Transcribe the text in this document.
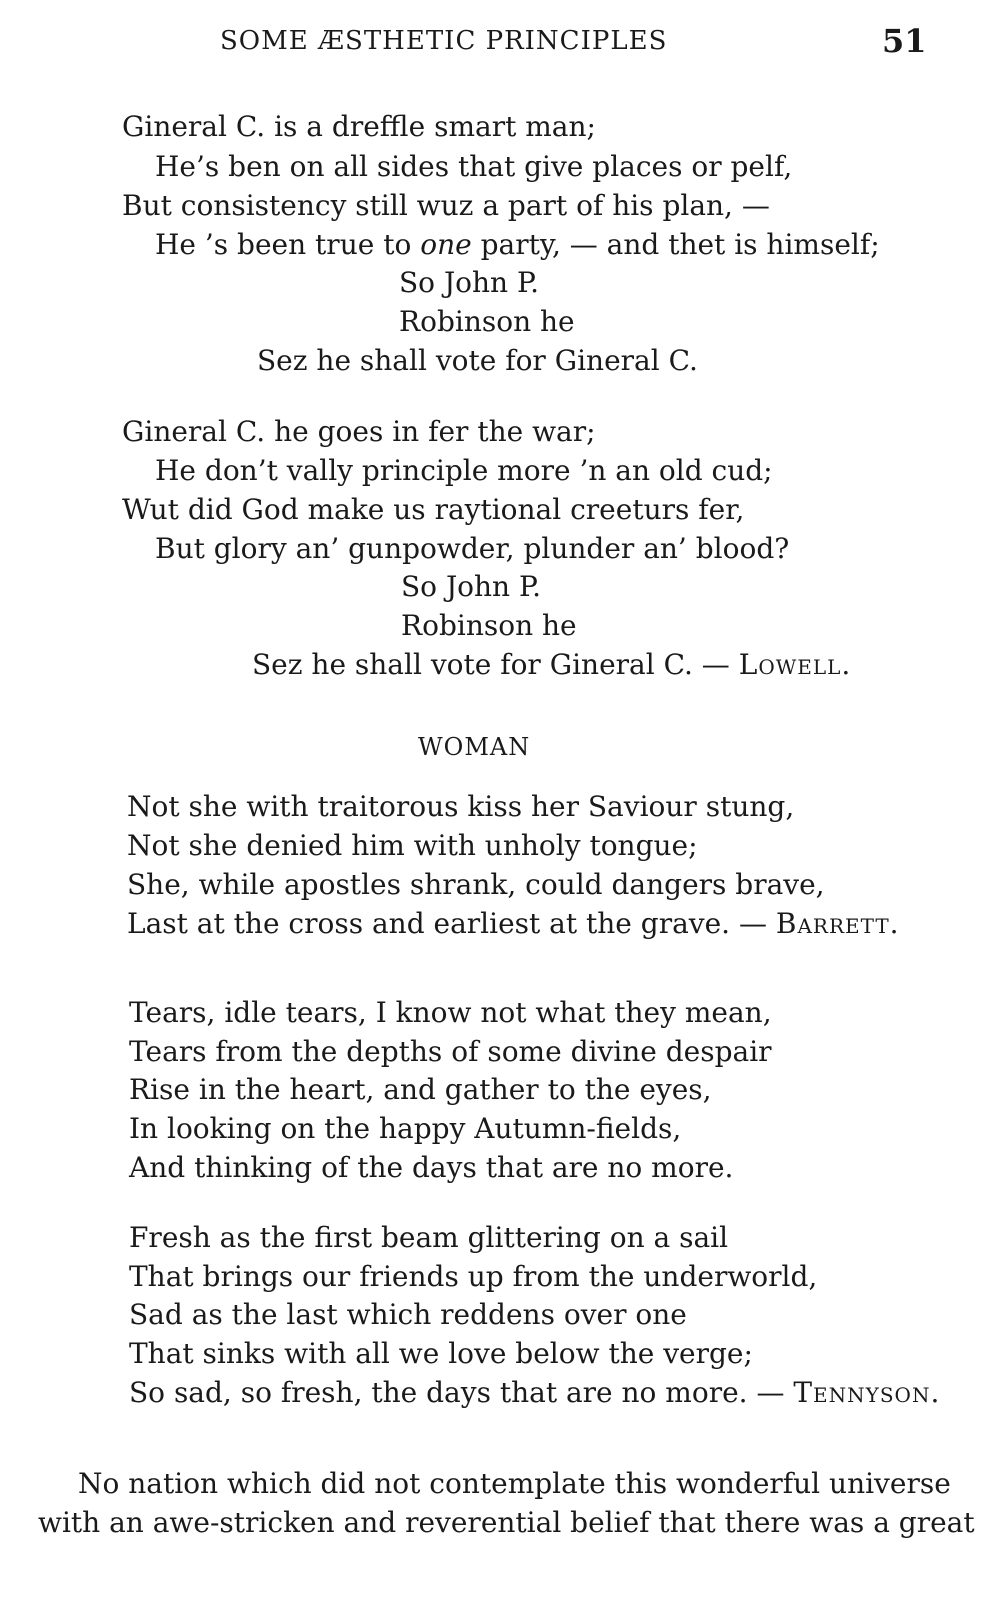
SOME ÆSTHETIC PRINCIPLES	51
Gineral C. is a dreffle smart man;
He’s ben on all sides that give places or pelf,
But consistency still wuz a part of his plan, —
He ’s been true to one party, — and thet is himself;
So John P.
Robinson he
Sez he shall vote for Gineral C.
Gineral C. he goes in fer the war;
He don’t vally principle more ’n an old cud;
Wut did God make us raytional creeturs fer,
But glory an’ gunpowder, plunder an’ blood?
So John P.
Robinson he
Sez he shall vote for Gineral C. — Lowell.
WOMAN
Not she with traitorous kiss her Saviour stung,
Not she denied him with unholy tongue;
She, while apostles shrank, could dangers brave,
Last at the cross and earliest at the grave. — Barrett.
Tears, idle tears, I know not what they mean,
Tears from the depths of some divine despair
Rise in the heart, and gather to the eyes,
In looking on the happy Autumn-fields,
And thinking of the days that are no more.
Fresh as the first beam glittering on a sail
That brings our friends up from the underworld,
Sad as the last which reddens over one
That sinks with all we love below the verge;
So sad, so fresh, the days that are no more. — Tennyson.
No nation which did not contemplate this wonderful universe
with an awe-stricken and reverential belief that there was a great
